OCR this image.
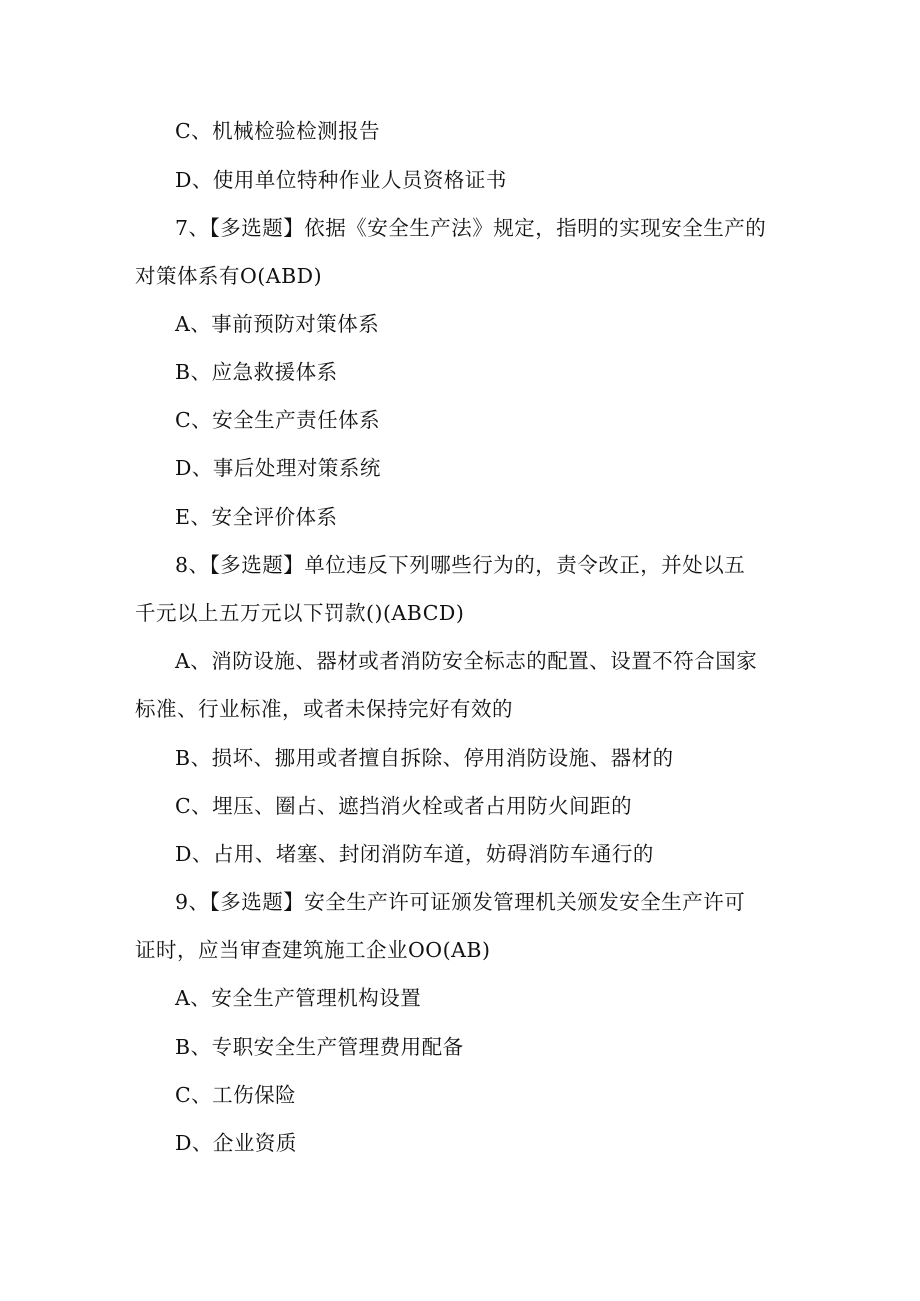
C、机械检验检测报告
D、使用单位特种作业人员资格证书
7、【多选题】依据《安全生产法》规定，指明的实现安全生产的
对策体系有O(ABD)
A、事前预防对策体系
B、应急救援体系
C、安全生产责任体系
D、事后处理对策系统
E、安全评价体系
8、【多选题】单位违反下列哪些行为的，责令改正，并处以五
千元以上五万元以下罚款()(ABCD)
A、消防设施、器材或者消防安全标志的配置、设置不符合国家
标准、行业标准，或者未保持完好有效的
B、损坏、挪用或者擅自拆除、停用消防设施、器材的
C、埋压、圈占、遮挡消火栓或者占用防火间距的
D、占用、堵塞、封闭消防车道，妨碍消防车通行的
9、【多选题】安全生产许可证颁发管理机关颁发安全生产许可
证时，应当审查建筑施工企业OO(AB)
A、安全生产管理机构设置
B、专职安全生产管理费用配备
C、工伤保险
D、企业资质
